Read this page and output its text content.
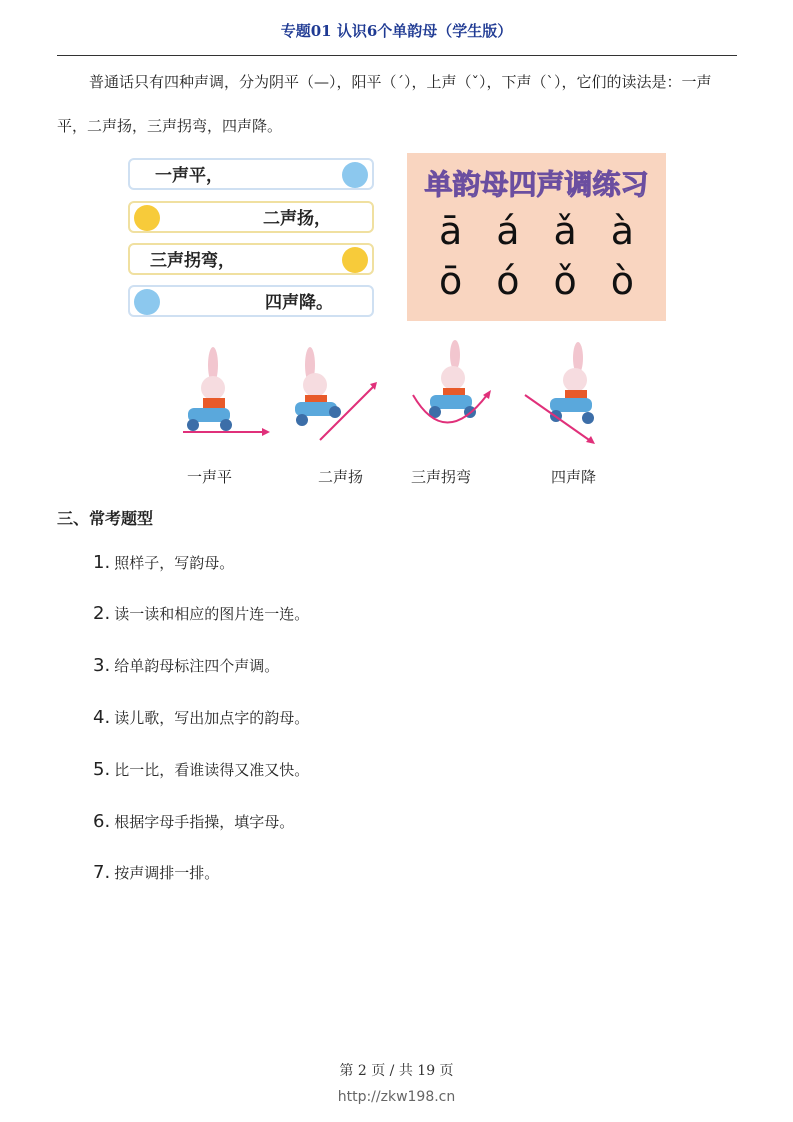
专题01 认识6个单韵母（学生版）
普通话只有四种声调，分为阴平（—），阳平（ˊ），上声（ˇ），下声（ˋ），它们的读法是：一声平，二声扬，三声拐弯，四声降。
一声平，
二声扬，
三声拐弯，
四声降。
单韵母四声调练习
ā á ǎ à
ō ó ǒ ò
一声平	二声扬	三声拐弯	四声降
三、常考题型
1. 照样子，写韵母。
2. 读一读和相应的图片连一连。
3. 给单韵母标注四个声调。
4. 读儿歌，写出加点字的韵母。
5. 比一比，看谁读得又准又快。
6. 根据字母手指操，填字母。
7. 按声调排一排。
第 2 页 / 共 19 页
http://zkw198.cn
